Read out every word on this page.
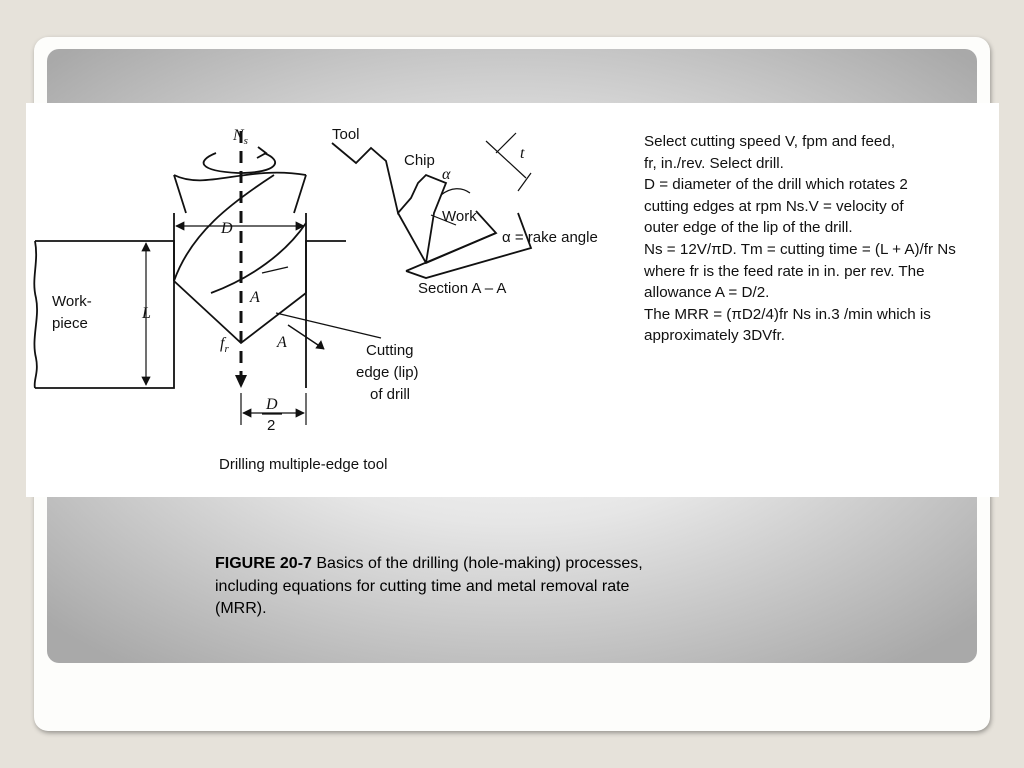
$N_s$
D
L
$f_r$
A
A
D
2
Work-
piece
Cutting
edge (lip)
of drill
Drilling multiple-edge tool
Tool
Chip
α
t
Work
α = rake angle
Section A – A
Select cutting speed V, fpm and feed,
fr, in./rev. Select drill.
D = diameter of the drill which rotates 2
cutting edges at rpm Ns.V = velocity of
outer edge of the lip of the drill.
Ns = 12V/πD. Tm = cutting time = (L + A)/fr Ns
where fr is the feed rate in in. per rev. The
allowance A = D/2.
The MRR = (πD2/4)fr Ns in.3 /min which is
approximately 3DVfr.
FIGURE 20-7 Basics of the drilling (hole-making) processes, including equations for cutting time and metal removal rate (MRR).
